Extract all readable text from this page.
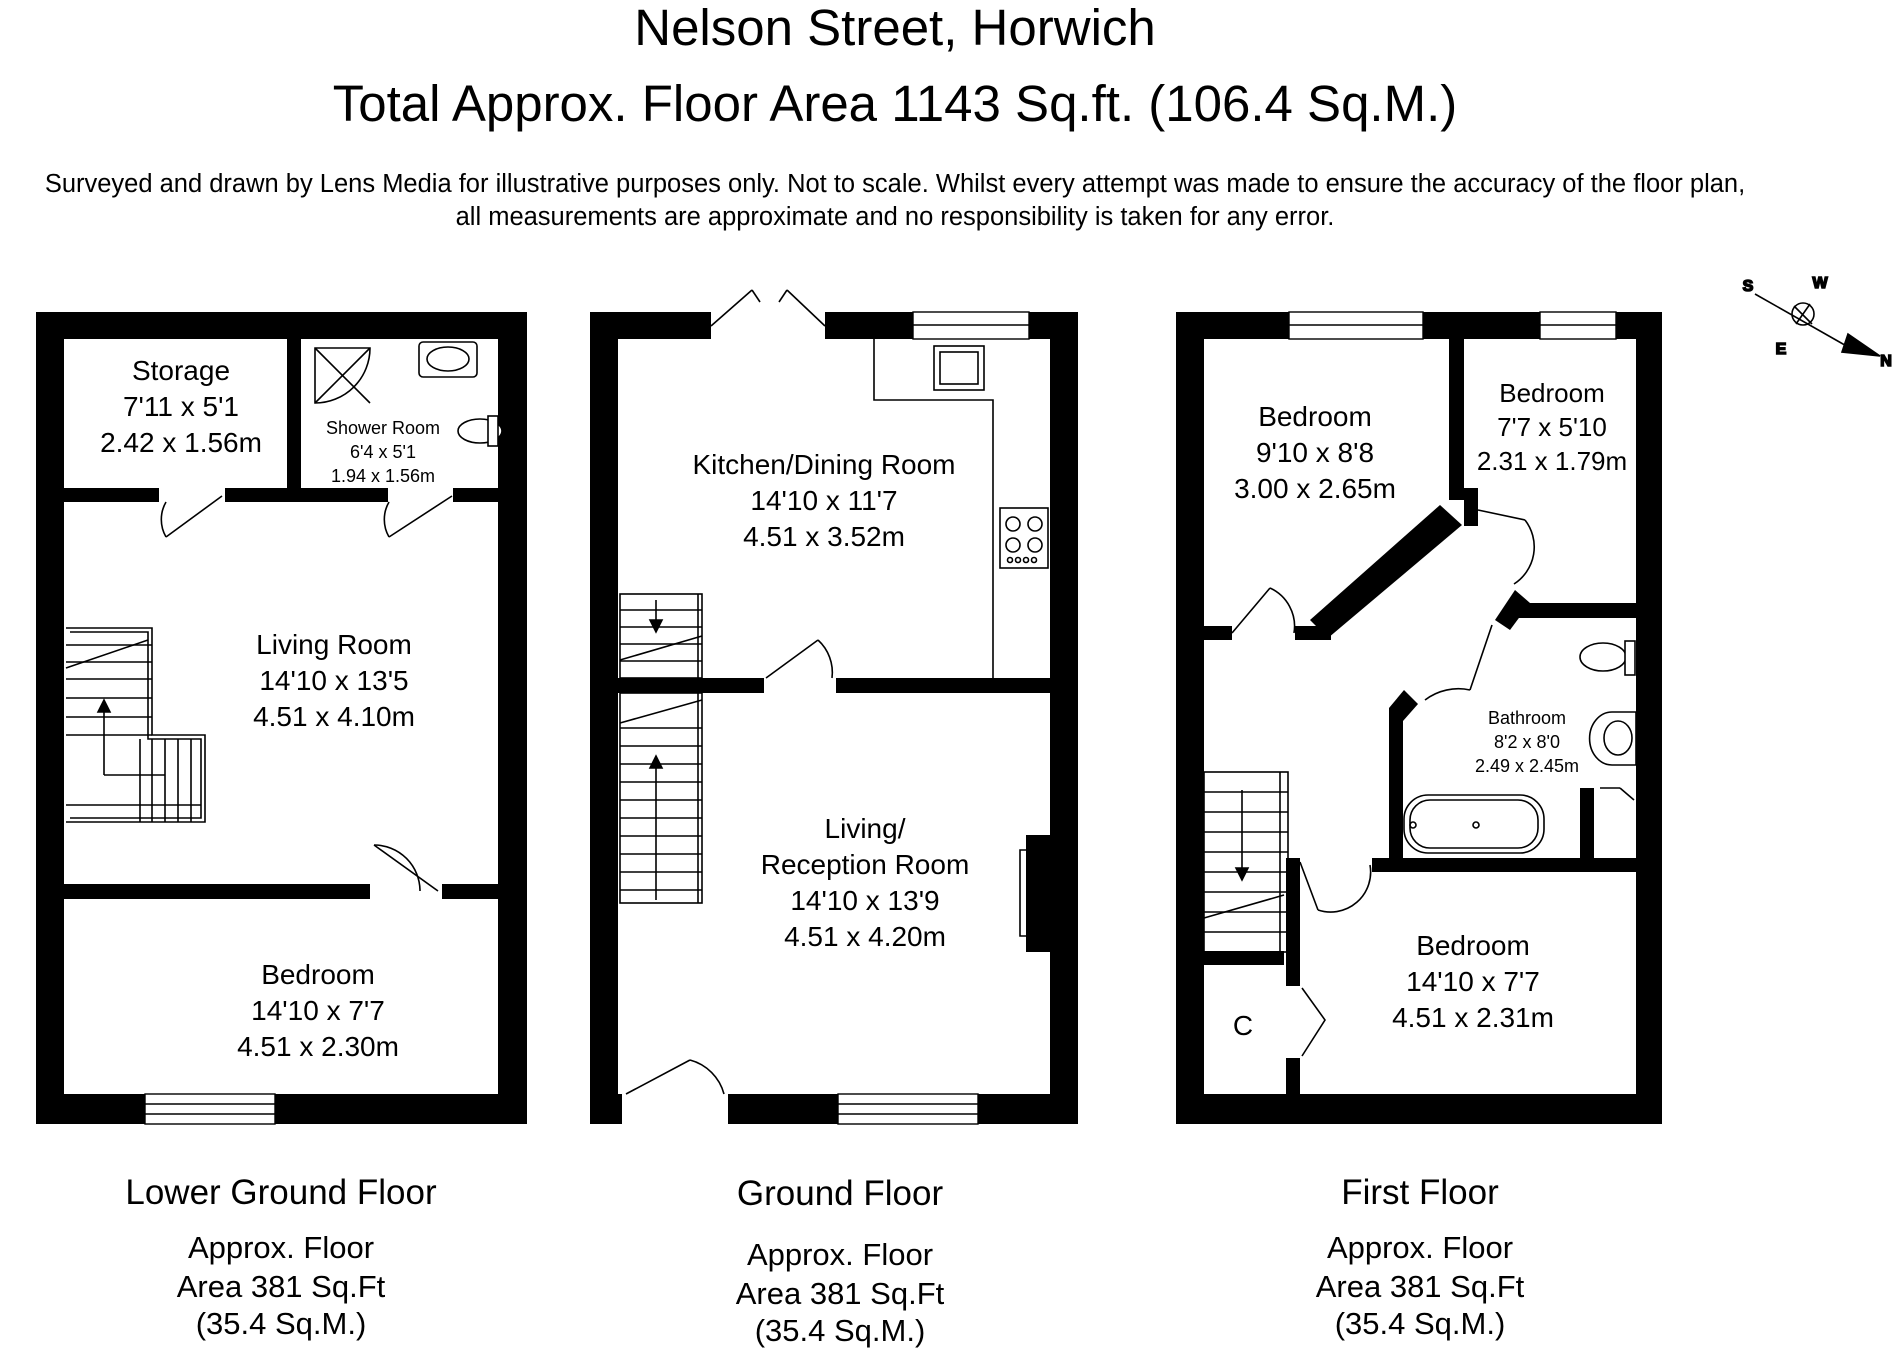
Nelson Street, Horwich
Total Approx. Floor Area 1143 Sq.ft. (106.4 Sq.M.)
Surveyed and drawn by Lens Media for illustrative purposes only. Not to scale. Whilst every attempt was made to ensure the accuracy of the floor plan,
all measurements are approximate and no responsibility is taken for any error.
S	W
E
N
Storage
7'11 x 5'1
2.42 x 1.56m	Shower Room
6'4 x 5'1
1.94 x 1.56m
Living Room
14'10 x 13'5
4.51 x 4.10m
Bedroom
14'10 x 7'7
4.51 x 2.30m
Kitchen/Dining Room
14'10 x 11'7
4.51 x 3.52m
Living/
Reception Room
14'10 x 13'9
4.51 x 4.20m
Bedroom
9'10 x 8'8
3.00 x 2.65m
Bedroom
7'7 x 5'10
2.31 x 1.79m
Bathroom
8'2 x 8'0
2.49 x 2.45m
Bedroom
14'10 x 7'7
4.51 x 2.31m
C
Lower Ground Floor
Approx. Floor
Area 381 Sq.Ft
(35.4 Sq.M.)
Ground Floor
Approx. Floor
Area 381 Sq.Ft
(35.4 Sq.M.)
First Floor
Approx. Floor
Area 381 Sq.Ft
(35.4 Sq.M.)
